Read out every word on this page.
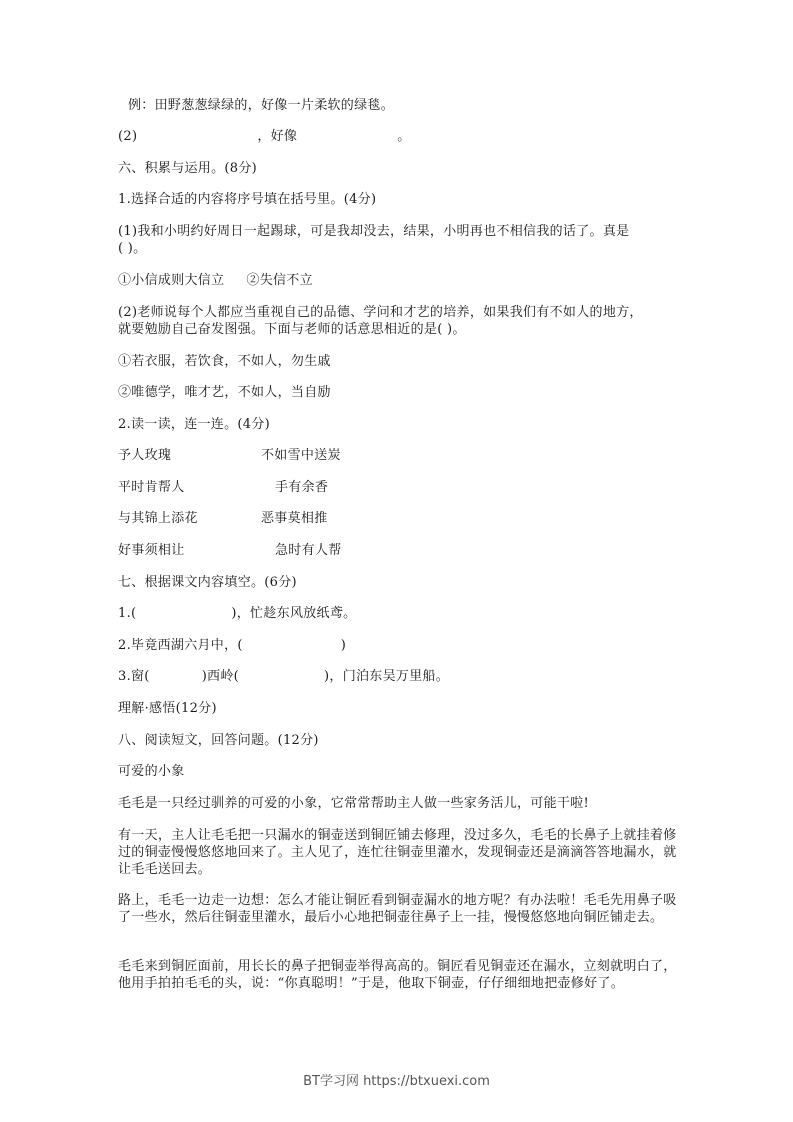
例：田野葱葱绿绿的，好像一片柔软的绿毯。
(2)	，好像	。
六、积累与运用。(8分)
1.选择合适的内容将序号填在括号里。(4分)
(1)我和小明约好周日一起踢球，可是我却没去，结果，小明再也不相信我的话了。真是
( )。
①小信成则大信立 ②失信不立
(2)老师说每个人都应当重视自己的品德、学问和才艺的培养，如果我们有不如人的地方，
就要勉励自己奋发图强。下面与老师的话意思相近的是( )。
①若衣服，若饮食，不如人，勿生戚
②唯德学，唯才艺，不如人，当自励
2.读一读，连一连。(4分)
予人玫瑰	不如雪中送炭
平时肯帮人	手有余香
与其锦上添花	恶事莫相推
好事须相让	急时有人帮
七、根据课文内容填空。(6分)
1.(	)，忙趁东风放纸鸢。
2.毕竟西湖六月中，(	)
3.窗(	)西岭(	)，门泊东吴万里船。
理解·感悟(12分)
八、阅读短文，回答问题。(12分)
可爱的小象
毛毛是一只经过驯养的可爱的小象，它常常帮助主人做一些家务活儿，可能干啦!
有一天，主人让毛毛把一只漏水的铜壶送到铜匠铺去修理，没过多久，毛毛的长鼻子上就挂着修过的铜壶慢慢悠悠地回来了。主人见了，连忙往铜壶里灌水，发现铜壶还是滴滴答答地漏水，就让毛毛送回去。
路上，毛毛一边走一边想：怎么才能让铜匠看到铜壶漏水的地方呢？有办法啦！毛毛先用鼻子吸了一些水，然后往铜壶里灌水，最后小心地把铜壶往鼻子上一挂，慢慢悠悠地向铜匠铺走去。
毛毛来到铜匠面前，用长长的鼻子把铜壶举得高高的。铜匠看见铜壶还在漏水，立刻就明白了，他用手拍拍毛毛的头，说：“你真聪明！”于是，他取下铜壶，仔仔细细地把壶修好了。
BT学习网 https://btxuexi.com
